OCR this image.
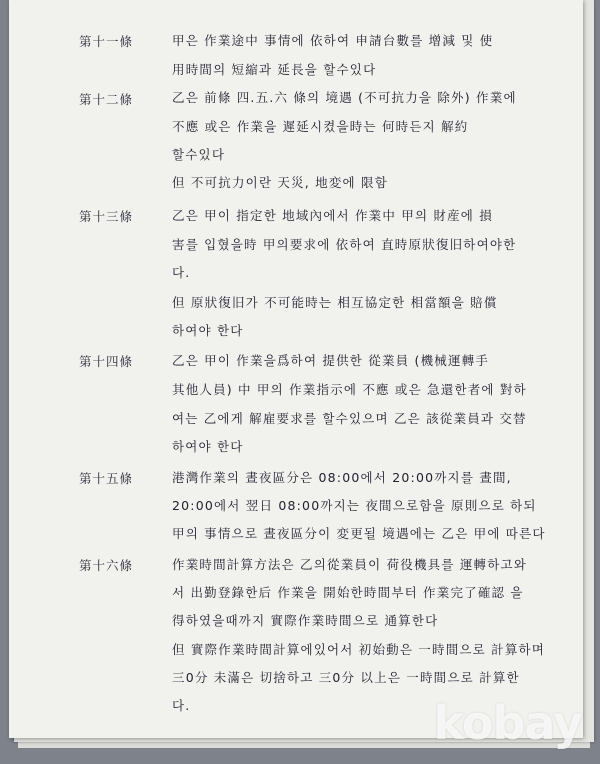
第十一條	甲은 作業途中 事情에 依하여 申請台數를 增減 및 使
用時間의 短縮과 延長을 할수있다
第十二條	乙은 前條 四.五.六 條의 境遇 (不可抗力을 除外) 作業에
不應 或은 作業을 遲延시켰을時는 何時든지 解約
할수있다
但 不可抗力이란 天災, 地変에 限함
第十三條	乙은 甲이 指定한 地域內에서 作業中 甲의 財産에 損
害를 입혔을時 甲의要求에 依하여 直時原狀復旧하여야한
다.
但 原狀復旧가 不可能時는 相互協定한 相當額을 賠償
하여야 한다
第十四條	乙은 甲이 作業을爲하여 提供한 從業員 (機械運轉手
其他人員) 中 甲의 作業指示에 不應 或은 急還한者에 對하
여는 乙에게 解雇要求를 할수있으며 乙은 該從業員과 交替
하여야 한다
第十五條	港灣作業의 晝夜區分은 08:00에서 20:00까지를 晝間,
20:00에서 翌日 08:00까지는 夜間으로함을 原則으로 하되
甲의 事情으로 晝夜區分이 変更될 境遇에는 乙은 甲에 따른다
第十六條	作業時間計算方法은 乙의從業員이 荷役機具를 運轉하고와
서 出勤登錄한后 作業을 開始한時間부터 作業完了確認 을
得하였을때까지 實際作業時間으로 通算한다
但 實際作業時間計算에있어서 初始動은 一時間으로 計算하며
三0分 未滿은 切捨하고 三0分 以上은 一時間으로 計算한
다.	kobay
